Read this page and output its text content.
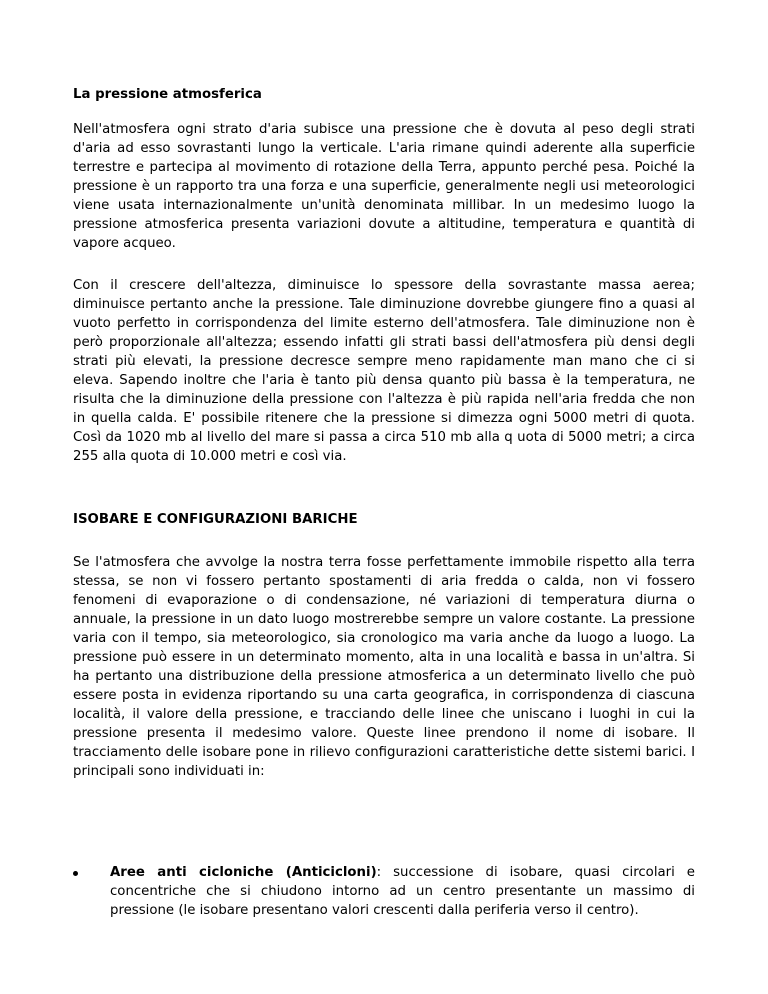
La pressione atmosferica

Nell'atmosfera ogni strato d'aria subisce una pressione che è dovuta al peso degli strati d'aria ad esso sovrastanti lungo la verticale. L'aria rimane quindi aderente alla superficie terrestre e partecipa al movimento di rotazione della Terra, appunto perché pesa. Poiché la pressione è un rapporto tra una forza e una superficie, generalmente negli usi meteorologici viene usata internazionalmente un'unità denominata millibar. In un medesimo luogo la pressione atmosferica presenta variazioni dovute a altitudine, temperatura e quantità di vapore acqueo.

Con il crescere dell'altezza, diminuisce lo spessore della sovrastante massa aerea; diminuisce pertanto anche la pressione. Tale diminuzione dovrebbe giungere fino a quasi al vuoto perfetto in corrispondenza del limite esterno dell'atmosfera. Tale diminuzione non è però proporzionale all'altezza; essendo infatti gli strati bassi dell'atmosfera più densi degli strati più elevati, la pressione decresce sempre meno rapidamente man mano che ci si eleva. Sapendo inoltre che l'aria è tanto più densa quanto più bassa è la temperatura, ne risulta che la diminuzione della pressione con l'altezza è più rapida nell'aria fredda che non in quella calda. E' possibile ritenere che la pressione si dimezza ogni 5000 metri di quota. Così da 1020 mb al livello del mare si passa a circa 510 mb alla q uota di 5000 metri; a circa 255 alla quota di 10.000 metri e così via.

ISOBARE E CONFIGURAZIONI BARICHE

Se l'atmosfera che avvolge la nostra terra fosse perfettamente immobile rispetto alla terra stessa, se non vi fossero pertanto spostamenti di aria fredda o calda, non vi fossero fenomeni di evaporazione o di condensazione, né variazioni di temperatura diurna o annuale, la pressione in un dato luogo mostrerebbe sempre un valore costante. La pressione varia con il tempo, sia meteorologico, sia cronologico ma varia anche da luogo a luogo. La pressione può essere in un determinato momento, alta in una località e bassa in un'altra. Si ha pertanto una distribuzione della pressione atmosferica a un determinato livello che può essere posta in evidenza riportando su una carta geografica, in corrispondenza di ciascuna località, il valore della pressione, e tracciando delle linee che uniscano i luoghi in cui la pressione presenta il medesimo valore. Queste linee prendono il nome di isobare. Il tracciamento delle isobare pone in rilievo configurazioni caratteristiche dette sistemi barici. I principali sono individuati in:

Aree anti cicloniche (Anticicloni): successione di isobare, quasi circolari e concentriche che si chiudono intorno ad un centro presentante un massimo di pressione (le isobare presentano valori crescenti dalla periferia verso il centro).
